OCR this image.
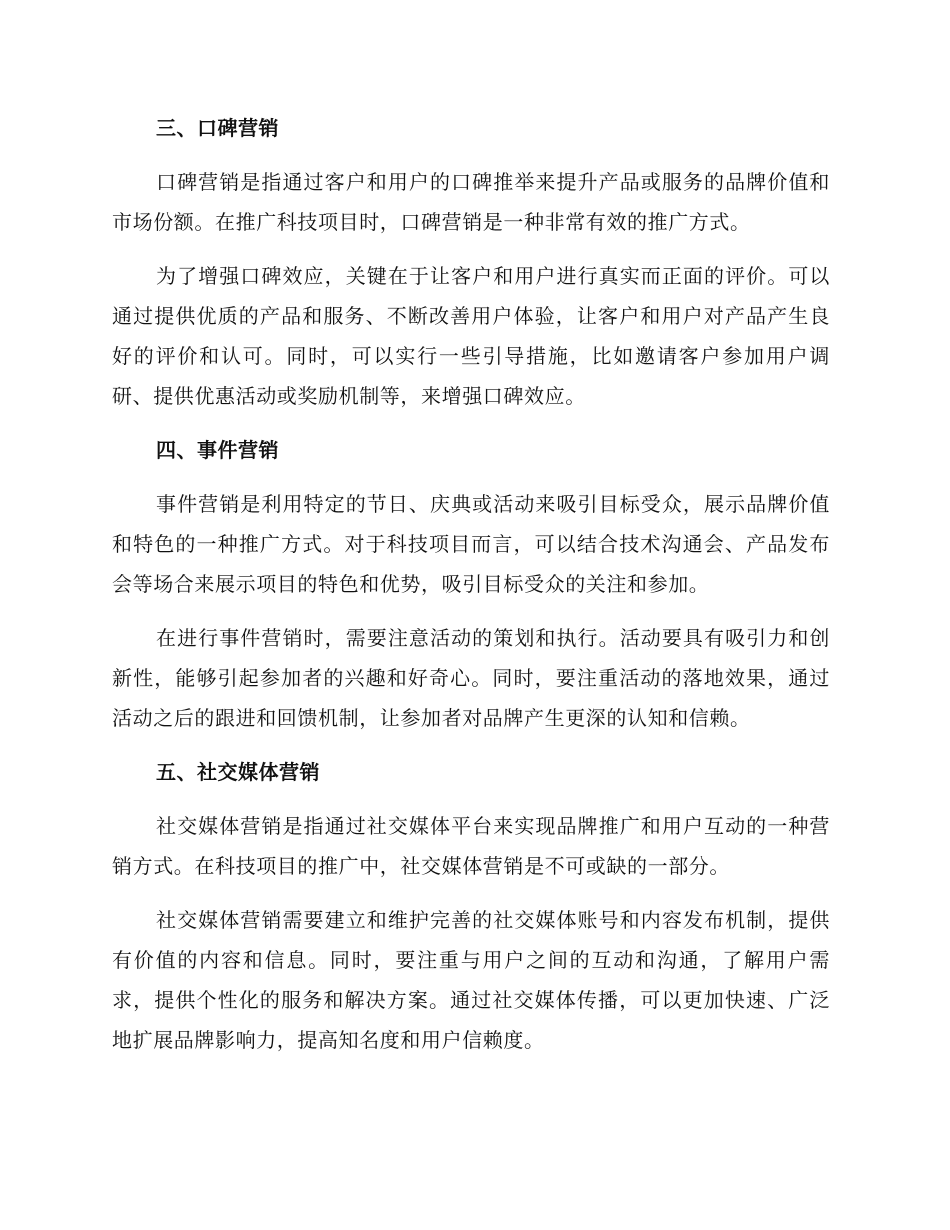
三、口碑营销

口碑营销是指通过客户和用户的口碑推举来提升产品或服务的品牌价值和市场份额。在推广科技项目时，口碑营销是一种非常有效的推广方式。

为了增强口碑效应，关键在于让客户和用户进行真实而正面的评价。可以通过提供优质的产品和服务、不断改善用户体验，让客户和用户对产品产生良好的评价和认可。同时，可以实行一些引导措施，比如邀请客户参加用户调研、提供优惠活动或奖励机制等，来增强口碑效应。

四、事件营销

事件营销是利用特定的节日、庆典或活动来吸引目标受众，展示品牌价值和特色的一种推广方式。对于科技项目而言，可以结合技术沟通会、产品发布会等场合来展示项目的特色和优势，吸引目标受众的关注和参加。

在进行事件营销时，需要注意活动的策划和执行。活动要具有吸引力和创新性，能够引起参加者的兴趣和好奇心。同时，要注重活动的落地效果，通过活动之后的跟进和回馈机制，让参加者对品牌产生更深的认知和信赖。

五、社交媒体营销

社交媒体营销是指通过社交媒体平台来实现品牌推广和用户互动的一种营销方式。在科技项目的推广中，社交媒体营销是不可或缺的一部分。

社交媒体营销需要建立和维护完善的社交媒体账号和内容发布机制，提供有价值的内容和信息。同时，要注重与用户之间的互动和沟通，了解用户需求，提供个性化的服务和解决方案。通过社交媒体传播，可以更加快速、广泛地扩展品牌影响力，提高知名度和用户信赖度。
